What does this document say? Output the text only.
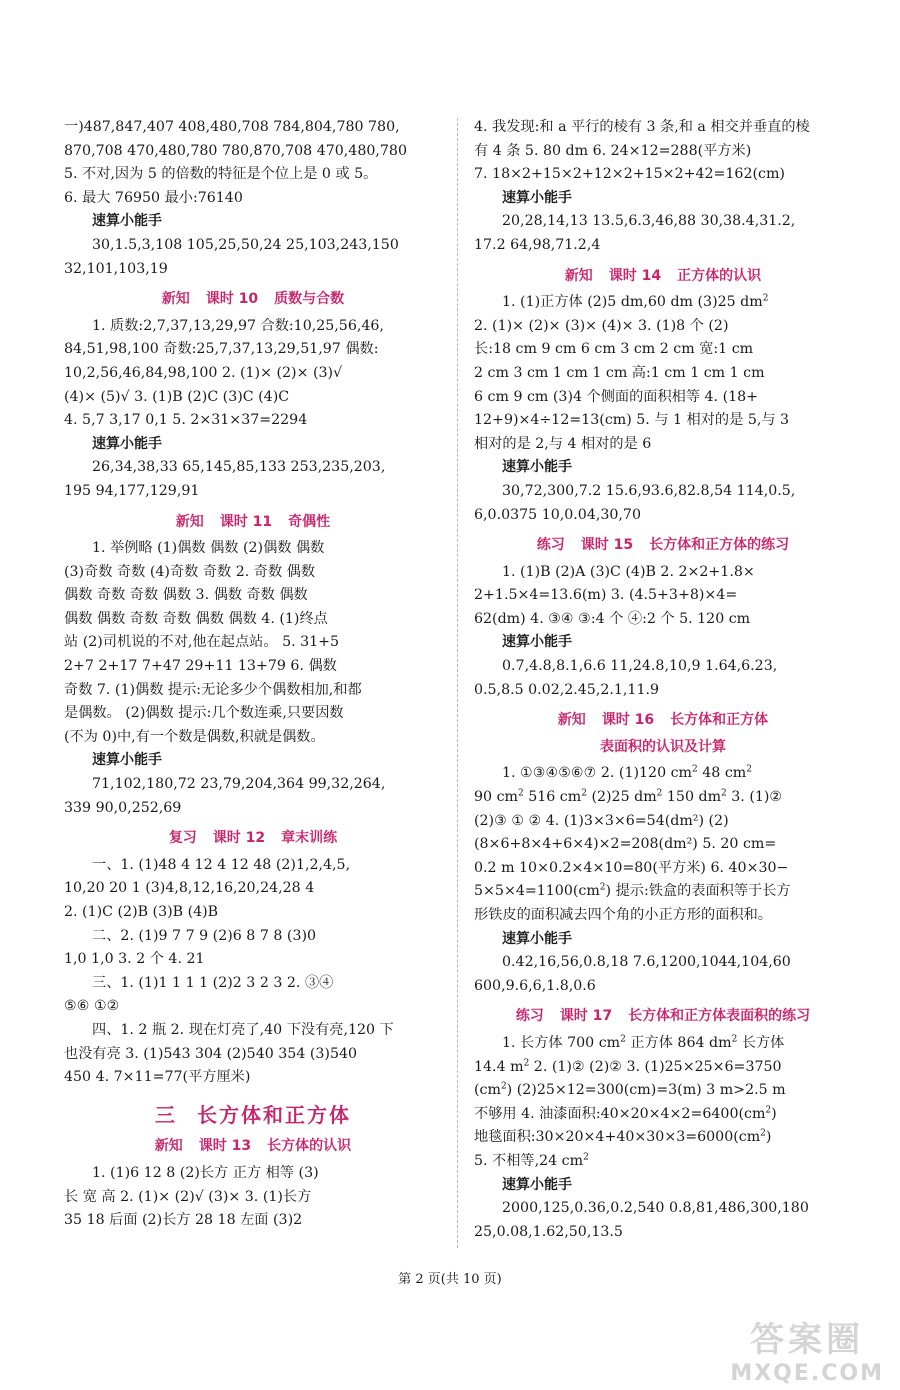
一)487,847,407 408,480,708 784,804,780 780,
870,708 470,480,780 780,870,708 470,480,780
5. 不对,因为 5 的倍数的特征是个位上是 0 或 5。
6. 最大 76950 最小:76140
速算小能手
30,1.5,3,108 105,25,50,24 25,103,243,150
32,101,103,19
新知 课时 10 质数与合数
1. 质数:2,7,37,13,29,97 合数:10,25,56,46,
84,51,98,100 奇数:25,7,37,13,29,51,97 偶数:
10,2,56,46,84,98,100 2. (1)× (2)× (3)√
(4)× (5)√ 3. (1)B (2)C (3)C (4)C
4. 5,7 3,17 0,1 5. 2×31×37=2294
速算小能手
26,34,38,33 65,145,85,133 253,235,203,
195 94,177,129,91
新知 课时 11 奇偶性
1. 举例略 (1)偶数 偶数 (2)偶数 偶数
(3)奇数 奇数 (4)奇数 奇数 2. 奇数 偶数
偶数 奇数 奇数 偶数 3. 偶数 奇数 偶数
偶数 偶数 奇数 奇数 偶数 偶数 4. (1)终点
站 (2)司机说的不对,他在起点站。 5. 31+5
2+7 2+17 7+47 29+11 13+79 6. 偶数
奇数 7. (1)偶数 提示:无论多少个偶数相加,和都
是偶数。 (2)偶数 提示:几个数连乘,只要因数
(不为 0)中,有一个数是偶数,积就是偶数。
速算小能手
71,102,180,72 23,79,204,364 99,32,264,
339 90,0,252,69
复习 课时 12 章末训练
一、1. (1)48 4 12 4 12 48 (2)1,2,4,5,
10,20 20 1 (3)4,8,12,16,20,24,28 4
2. (1)C (2)B (3)B (4)B
二、2. (1)9 7 7 9 (2)6 8 7 8 (3)0
1,0 1,0 3. 2 个 4. 21
三、1. (1)1 1 1 1 (2)2 3 2 3 2. ③④
⑤⑥ ①②
四、1. 2 瓶 2. 现在灯亮了,40 下没有亮,120 下
也没有亮 3. (1)543 304 (2)540 354 (3)540
450 4. 7×11=77(平方厘米)
三 长方体和正方体
新知 课时 13 长方体的认识
1. (1)6 12 8 (2)长方 正方 相等 (3)
长 宽 高 2. (1)× (2)√ (3)× 3. (1)长方
35 18 后面 (2)长方 28 18 左面 (3)2
4. 我发现:和 a 平行的棱有 3 条,和 a 相交并垂直的棱
有 4 条 5. 80 dm 6. 24×12=288(平方米)
7. 18×2+15×2+12×2+15×2+42=162(cm)
速算小能手
20,28,14,13 13.5,6.3,46,88 30,38.4,31.2,
17.2 64,98,71.2,4
新知 课时 14 正方体的认识
1. (1)正方体 (2)5 dm,60 dm (3)25 $dm^2$
2. (1)× (2)× (3)× (4)× 3. (1)8 个 (2)
长:18 cm 9 cm 6 cm 3 cm 2 cm 宽:1 cm
2 cm 3 cm 1 cm 1 cm 高:1 cm 1 cm 1 cm
6 cm 9 cm (3)4 个侧面的面积相等 4. (18+
12+9)×4÷12=13(cm) 5. 与 1 相对的是 5,与 3
相对的是 2,与 4 相对的是 6
速算小能手
30,72,300,7.2 15.6,93.6,82.8,54 114,0.5,
6,0.0375 10,0.04,30,70
练习 课时 15 长方体和正方体的练习
1. (1)B (2)A (3)C (4)B 2. 2×2+1.8×
2+1.5×4=13.6(m) 3. (4.5+3+8)×4=
62(dm) 4. ③④ ③:4 个 ④:2 个 5. 120 cm
速算小能手
0.7,4.8,8.1,6.6 11,24.8,10,9 1.64,6.23,
0.5,8.5 0.02,2.45,2.1,11.9
新知 课时 16 长方体和正方体
表面积的认识及计算
1. ①③④⑤⑥⑦ 2. (1)120 $cm^2$ 48 $cm^2$
90 $cm^2$ 516 $cm^2$ (2)25 $dm^2$ 150 $dm^2$ 3. (1)②
(2)③ ① ② 4. (1)3×3×6=54(dm²) (2)
(8×6+8×4+6×4)×2=208(dm²) 5. 20 cm=
0.2 m 10×0.2×4×10=80(平方米) 6. 40×30−
$5\times 5\times 4=1100(cm^2)$ 提示:铁盒的表面积等于长方
形铁皮的面积减去四个角的小正方形的面积和。
速算小能手
0.42,16,56,0.8,18 7.6,1200,1044,104,60
600,9.6,6,1.8,0.6
练习 课时 17 长方体和正方体表面积的练习
1. 长方体 700 $cm^2$ 正方体 864 $dm^2$ 长方体
14.4 $m^2$ 2. (1)② (2)② 3. (1)25×25×6=3750
$(cm^2)$ (2)25×12=300(cm)=3(m) 3 m>2.5 m
不够用 4. 油漆面积$:40\times 20\times 4\times 2=6400(cm^2)$
地毯面积$:30\times 20\times 4+40\times 30\times 3=6000(cm^2)$
5. 不相等,24 $cm^2$
速算小能手
2000,125,0.36,0.2,540 0.8,81,486,300,180
25,0.08,1.62,50,13.5
第 2 页(共 10 页)
答案圈
MXQE.COM
